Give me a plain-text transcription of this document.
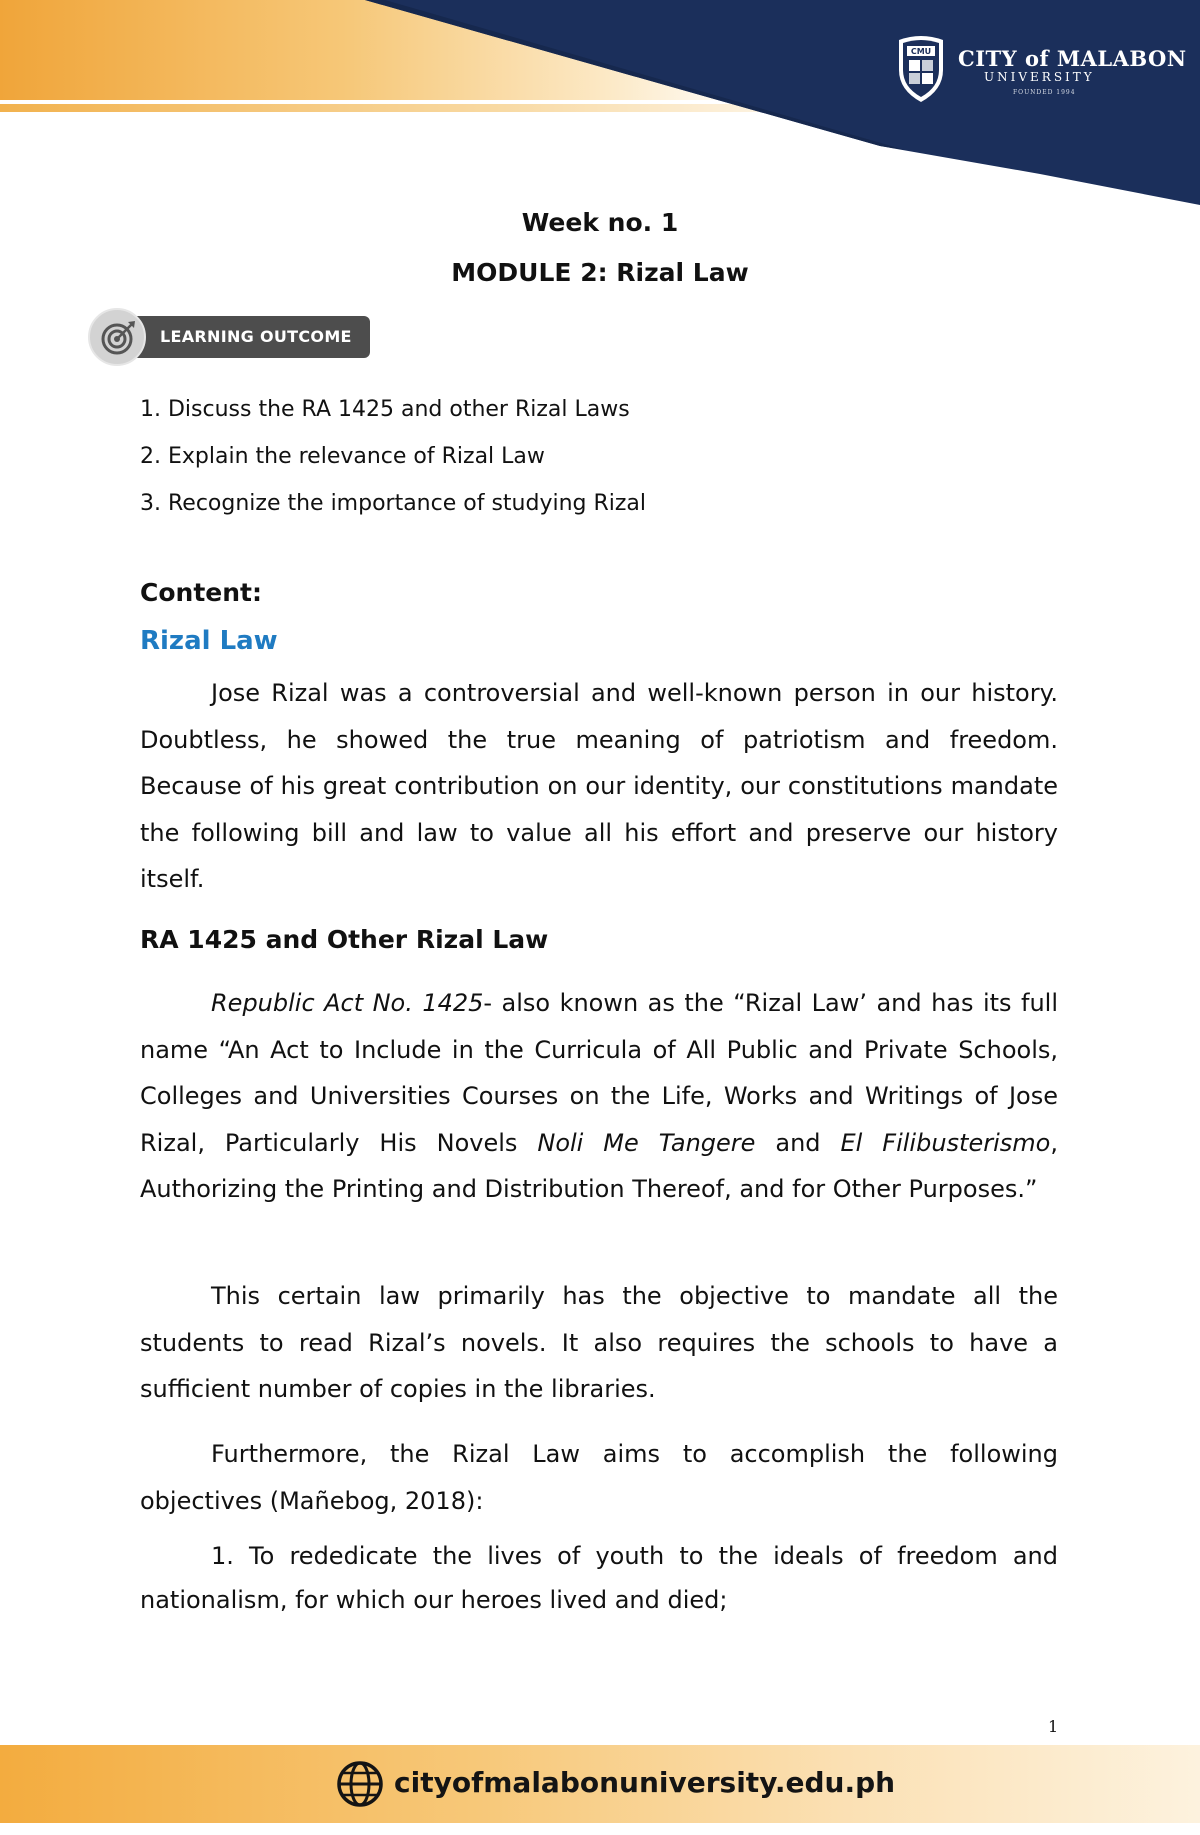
CMU CITY of MALABON
UNIVERSITY
FOUNDED 1994
Week no. 1
MODULE 2: Rizal Law
LEARNING OUTCOME
1. Discuss the RA 1425 and other Rizal Laws
2. Explain the relevance of Rizal Law
3. Recognize the importance of studying Rizal
Content:
Rizal Law

Jose Rizal was a controversial and well-known person in our history. Doubtless, he showed the true meaning of patriotism and freedom. Because of his great contribution on our identity, our constitutions mandate the following bill and law to value all his effort and preserve our history itself.

RA 1425 and Other Rizal Law

Republic Act No. 1425- also known as the “Rizal Law’ and has its full name “An Act to Include in the Curricula of All Public and Private Schools, Colleges and Universities Courses on the Life, Works and Writings of Jose Rizal, Particularly His Novels Noli Me Tangere and El Filibusterismo, Authorizing the Printing and Distribution Thereof, and for Other Purposes.”

This certain law primarily has the objective to mandate all the students to read Rizal’s novels. It also requires the schools to have a sufficient number of copies in the libraries.

Furthermore, the Rizal Law aims to accomplish the following objectives (Mañebog, 2018):

1. To rededicate the lives of youth to the ideals of freedom and nationalism, for which our heroes lived and died;

1
cityofmalabonuniversity.edu.ph
